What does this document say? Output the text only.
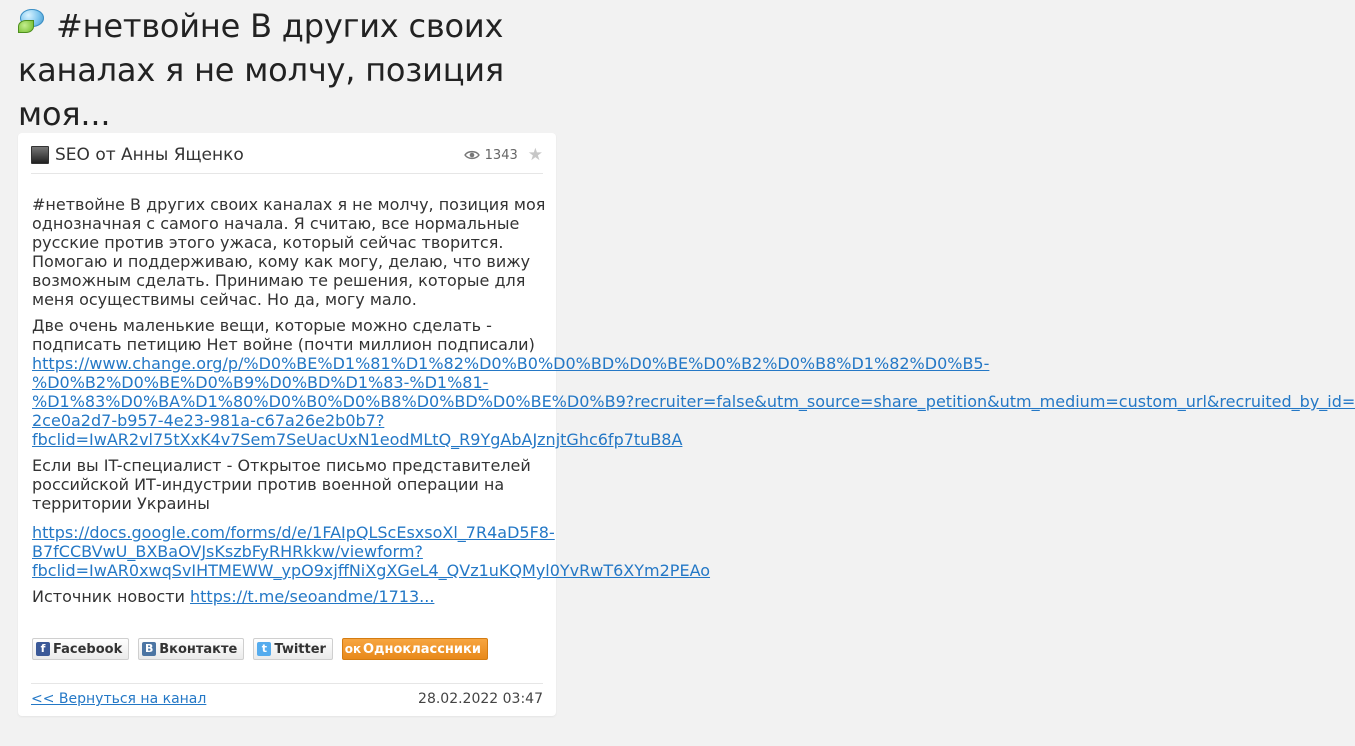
#нетвойне В других своих каналах я не молчу, позиция моя...
SEO от Анны Ященко	1343 ★

#нетвойне В других своих каналах я не молчу, позиция моя однозначная с самого начала. Я считаю, все нормальные русские против этого ужаса, который сейчас творится. Помогаю и поддерживаю, кому как могу, делаю, что вижу возможным сделать. Принимаю те решения, которые для меня осуществимы сейчас. Но да, могу мало.

Две очень маленькие вещи, которые можно сделать - подписать петицию Нет войне (почти миллион подписали)
https://www.change.org/p/%D0%BE%D1%81%D1%82%D0%B0%D0%BD%D0%BE%D0%B2%D0%B8%D1%82%D0%B5-
%D0%B2%D0%BE%D0%B9%D0%BD%D1%83-%D1%81-
%D1%83%D0%BA%D1%80%D0%B0%D0%B8%D0%BD%D0%BE%D0%B9?recruiter=false&utm_source=share_petition&utm_medium=custom_url&recruited_by_id=
2ce0a2d7-b957-4e23-981a-c67a26e2b0b7?
fbclid=IwAR2vl75tXxK4v7Sem7SeUacUxN1eodMLtQ_R9YgAbAJznjtGhc6fp7tuB8A

Если вы IT-специалист - Открытое письмо представителей российской ИТ-индустрии против военной операции на территории Украины

https://docs.google.com/forms/d/e/1FAIpQLScEsxsoXl_7R4aD5F8-
B7fCCBVwU_BXBaOVJsKszbFyRHRkkw/viewform?
fbclid=IwAR0xwqSvIHTMEWW_ypO9xjffNiXgXGeL4_QVz1uKQMyl0YvRwT6XYm2PEAo

Источник новости https://t.me/seoandme/1713...

f Facebook B Вконтакте	t Twitter ок Одноклассники
<< Вернуться на канал	28.02.2022 03:47
